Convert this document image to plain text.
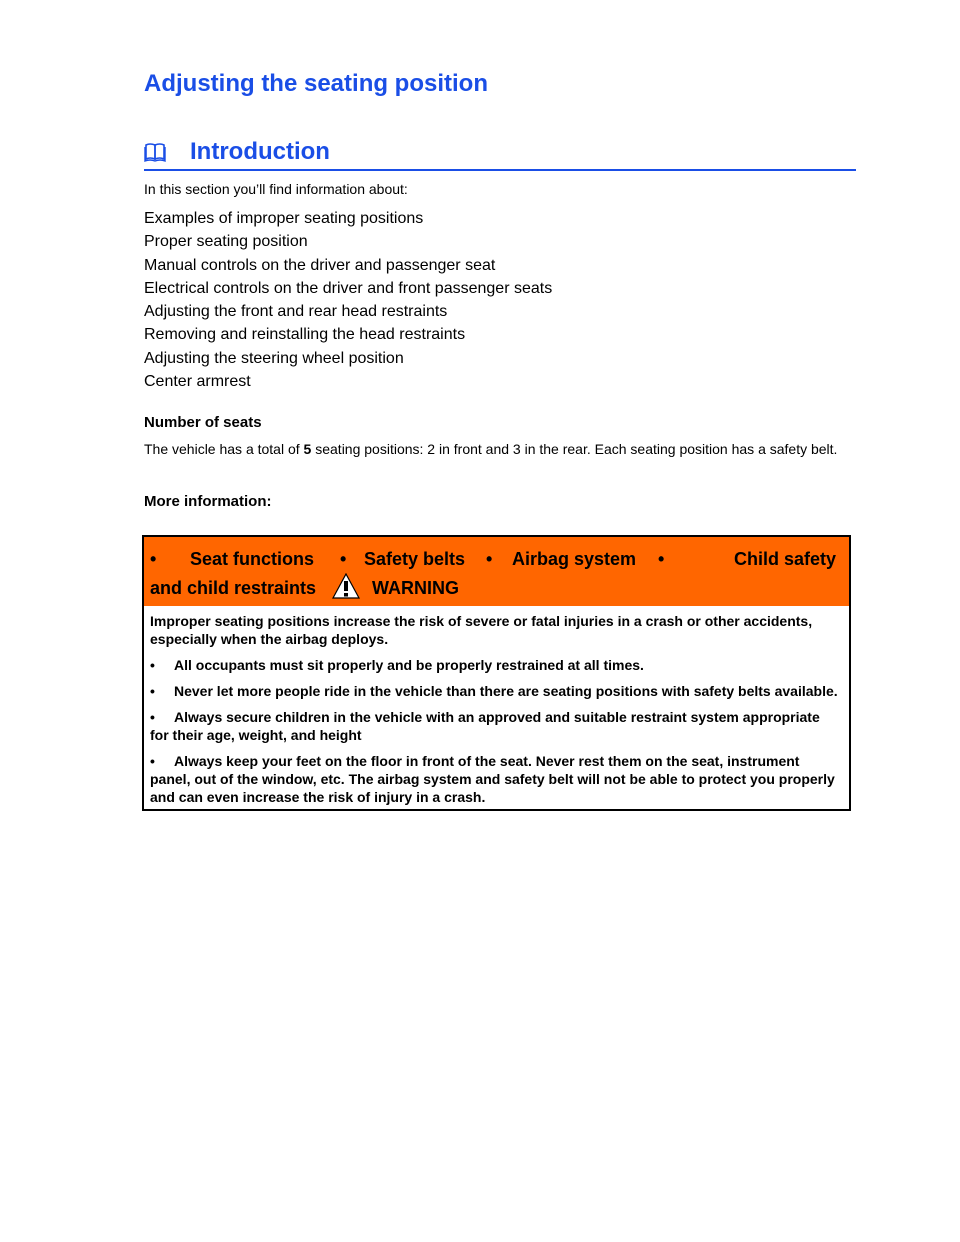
Adjusting the seating position
Introduction

In this section you’ll find information about:

Examples of improper seating positions
Proper seating position
Manual controls on the driver and passenger seat
Electrical controls on the driver and front passenger seats
Adjusting the front and rear head restraints
Removing and reinstalling the head restraints
Adjusting the steering wheel position
Center armrest
Number of seats

The vehicle has a total of 5 seating positions: 2 in front and 3 in the rear. Each seating position has a safety belt.

More information:
• Seat functions • Safety belts • Airbag system •	Child safety
and child restraints	WARNING

Improper seating positions increase the risk of severe or fatal injuries in a crash or other accidents, especially when the airbag deploys.

• All occupants must sit properly and be properly restrained at all times.

• Never let more people ride in the vehicle than there are seating positions with safety belts available.

• Always secure children in the vehicle with an approved and suitable restraint system appropriate for their age, weight, and height

• Always keep your feet on the floor in front of the seat. Never rest them on the seat, instrument panel, out of the window, etc. The airbag system and safety belt will not be able to protect you properly and can even increase the risk of injury in a crash.
